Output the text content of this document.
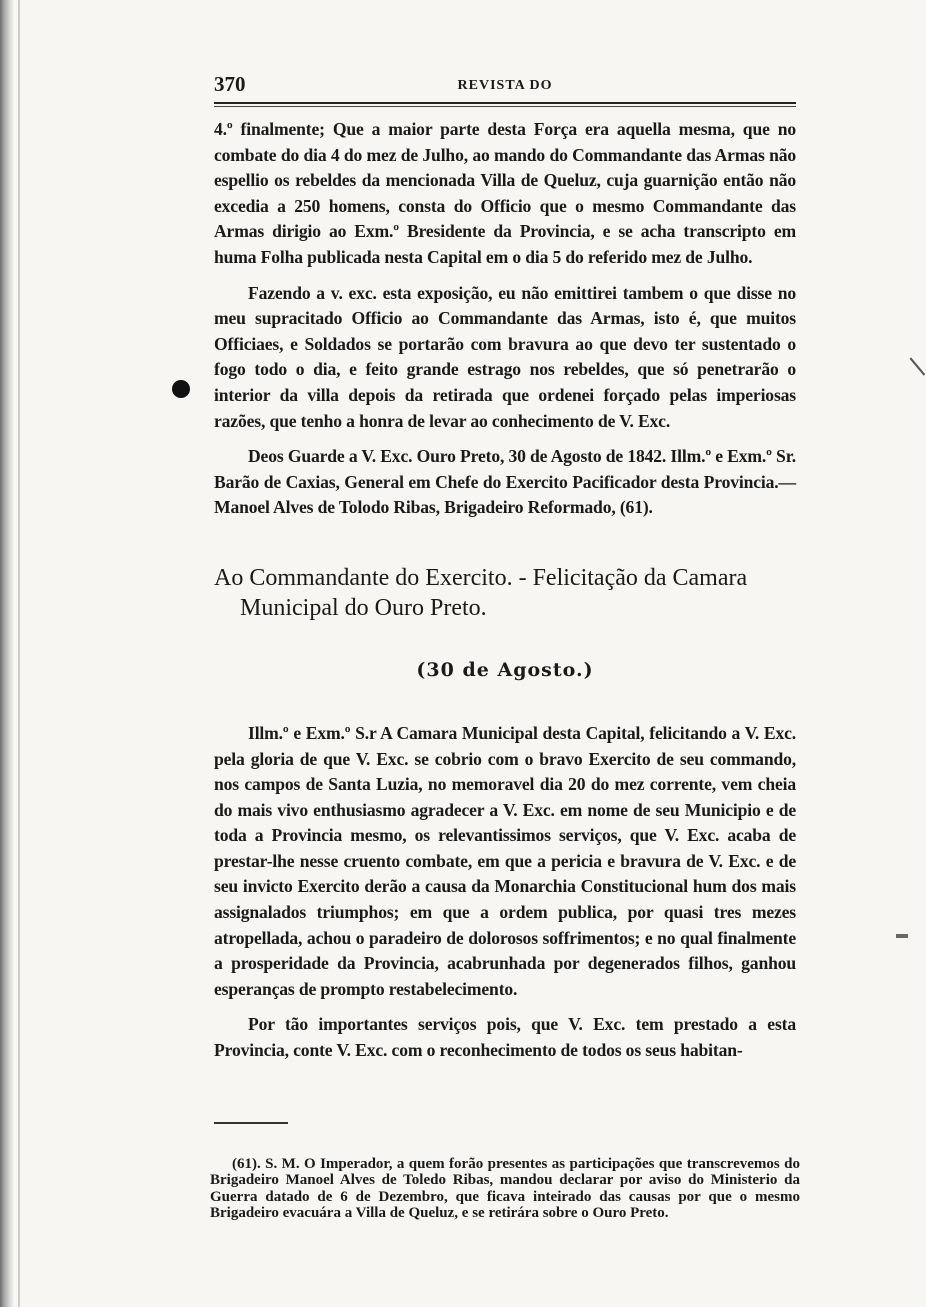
370	REVISTA DO

4.º finalmente; Que a maior parte desta Força era aquella mesma, que no combate do dia 4 do mez de Julho, ao mando do Commandante das Armas não espellio os rebeldes da mencionada Villa de Queluz, cuja guarnição então não excedia a 250 homens, consta do Officio que o mesmo Commandante das Armas dirigio ao Exm.º Bresidente da Provincia, e se acha transcripto em huma Folha publicada nesta Capital em o dia 5 do referido mez de Julho.

Fazendo a v. exc. esta exposição, eu não emittirei tambem o que disse no meu supracitado Officio ao Commandante das Armas, isto é, que muitos Officiaes, e Soldados se portarão com bravura ao que devo ter sustentado o fogo todo o dia, e feito grande estrago nos rebeldes, que só penetrarão o interior da villa depois da retirada que ordenei forçado pelas imperiosas razões, que tenho a honra de levar ao conhecimento de V. Exc.

Deos Guarde a V. Exc. Ouro Preto, 30 de Agosto de 1842. Illm.º e Exm.º Sr. Barão de Caxias, General em Chefe do Exercito Pacificador desta Provincia.—Manoel Alves de Tolodo Ribas, Brigadeiro Reformado, (61).

Ao Commandante do Exercito. - Felicitação da Camara Municipal do Ouro Preto.

(30 de Agosto.)

Illm.º e Exm.º S.r A Camara Municipal desta Capital, felicitando a V. Exc. pela gloria de que V. Exc. se cobrio com o bravo Exercito de seu commando, nos campos de Santa Luzia, no memoravel dia 20 do mez corrente, vem cheia do mais vivo enthusiasmo agradecer a V. Exc. em nome de seu Municipio e de toda a Provincia mesmo, os relevantissimos serviços, que V. Exc. acaba de prestar-lhe nesse cruento combate, em que a pericia e bravura de V. Exc. e de seu invicto Exercito derão a causa da Monarchia Constitucional hum dos mais assignalados triumphos; em que a ordem publica, por quasi tres mezes atropellada, achou o paradeiro de dolorosos soffrimentos; e no qual finalmente a prosperidade da Provincia, acabrunhada por degenerados filhos, ganhou esperanças de prompto restabelecimento.

Por tão importantes serviços pois, que V. Exc. tem prestado a esta Provincia, conte V. Exc. com o reconhecimento de todos os seus habitan-

(61). S. M. O Imperador, a quem forão presentes as participações que transcrevemos do Brigadeiro Manoel Alves de Toledo Ribas, mandou declarar por aviso do Ministerio da Guerra datado de 6 de Dezembro, que ficava inteirado das causas por que o mesmo Brigadeiro evacuára a Villa de Queluz, e se retirára sobre o Ouro Preto.
